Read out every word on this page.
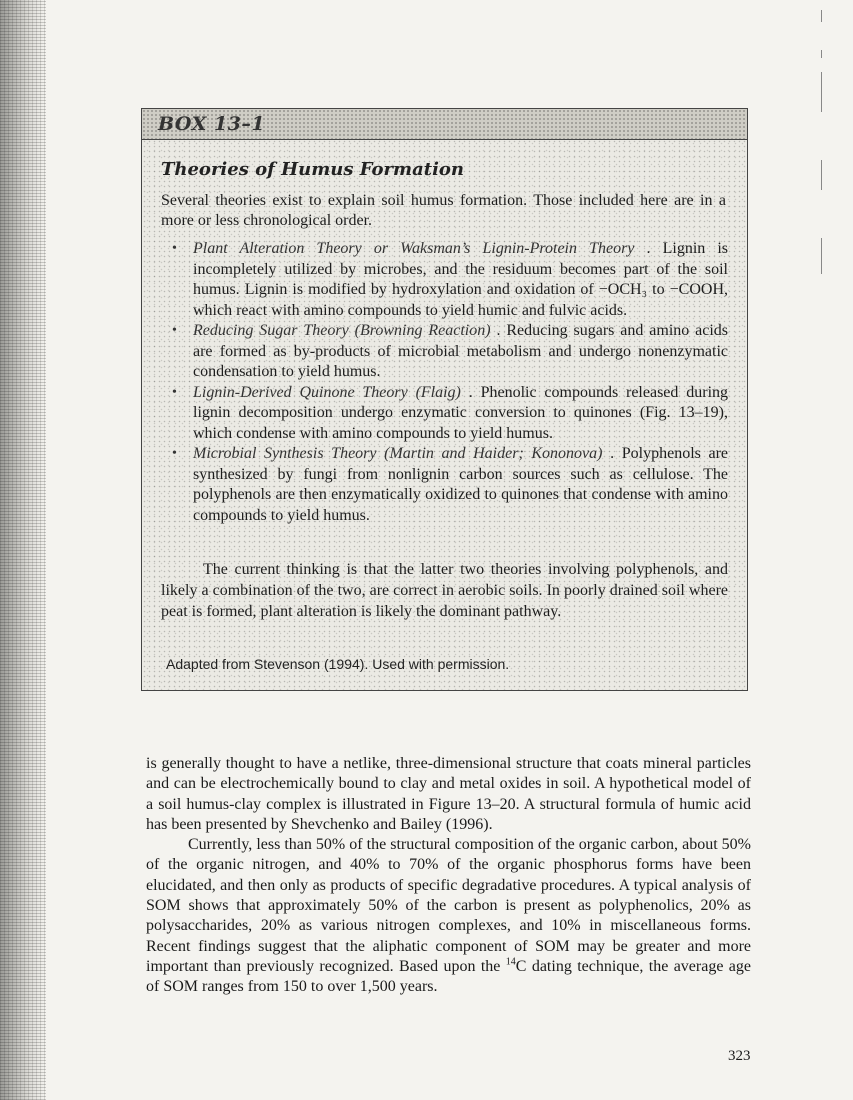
BOX 13–1
Theories of Humus Formation

Several theories exist to explain soil humus formation. Those included here are in a more or less chronological order.

• Plant Alteration Theory or Waksman’s Lignin-Protein Theory . Lignin is incompletely utilized by microbes, and the residuum becomes part of the soil humus. Lignin is modified by hydroxylation and oxidation of −OCH₃ to −COOH, which react with amino compounds to yield humic and fulvic acids.
• Reducing Sugar Theory (Browning Reaction) . Reducing sugars and amino acids are formed as by-products of microbial metabolism and undergo nonenzymatic condensation to yield humus.
• Lignin-Derived Quinone Theory (Flaig) . Phenolic compounds released during lignin decomposition undergo enzymatic conversion to quinones (Fig. 13–19), which condense with amino compounds to yield humus.
• Microbial Synthesis Theory (Martin and Haider; Kononova) . Polyphenols are synthesized by fungi from nonlignin carbon sources such as cellulose. The polyphenols are then enzymatically oxidized to quinones that condense with amino compounds to yield humus.

The current thinking is that the latter two theories involving polyphenols, and likely a combination of the two, are correct in aerobic soils. In poorly drained soil where peat is formed, plant alteration is likely the dominant pathway.

Adapted from Stevenson (1994). Used with permission.

is generally thought to have a netlike, three-dimensional structure that coats mineral particles and can be electrochemically bound to clay and metal oxides in soil. A hypothetical model of a soil humus-clay complex is illustrated in Figure 13–20. A structural formula of humic acid has been presented by Shevchenko and Bailey (1996).

Currently, less than 50% of the structural composition of the organic carbon, about 50% of the organic nitrogen, and 40% to 70% of the organic phosphorus forms have been elucidated, and then only as products of specific degradative procedures. A typical analysis of SOM shows that approximately 50% of the carbon is present as polyphenolics, 20% as polysaccharides, 20% as various nitrogen complexes, and 10% in miscellaneous forms. Recent findings suggest that the aliphatic component of SOM may be greater and more important than previously recognized. Based upon the $^{14}$C dating technique, the average age of SOM ranges from 150 to over 1,500 years.

323
